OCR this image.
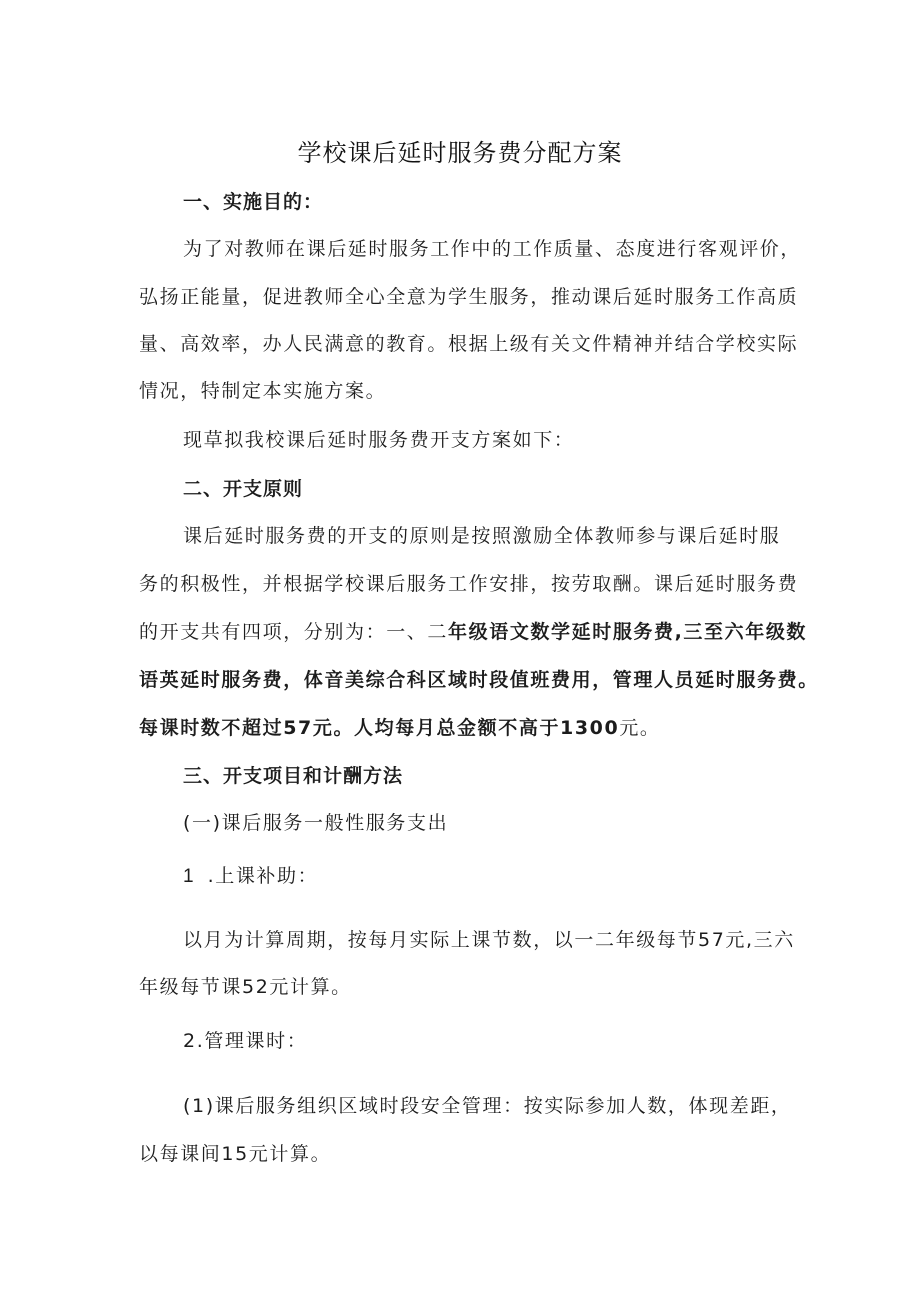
学校课后延时服务费分配方案
一、实施目的：
为了对教师在课后延时服务工作中的工作质量、态度进行客观评价，
弘扬正能量，促进教师全心全意为学生服务，推动课后延时服务工作高质
量、高效率，办人民满意的教育。根据上级有关文件精神并结合学校实际
情况，特制定本实施方案。
现草拟我校课后延时服务费开支方案如下：
二、开支原则
课后延时服务费的开支的原则是按照激励全体教师参与课后延时服
务的积极性，并根据学校课后服务工作安排，按劳取酬。课后延时服务费
的开支共有四项，分别为：一、二年级语文数学延时服务费,三至六年级数
语英延时服务费，体音美综合科区域时段值班费用，管理人员延时服务费。
每课时数不超过57元。人均每月总金额不高于1300元。
三、开支项目和计酬方法
(一)课后服务一般性服务支出
1 .上课补助：
以月为计算周期，按每月实际上课节数，以一二年级每节57元,三六
年级每节课52元计算。
2.管理课时：
(1)课后服务组织区域时段安全管理：按实际参加人数，体现差距，
以每课间15元计算。
